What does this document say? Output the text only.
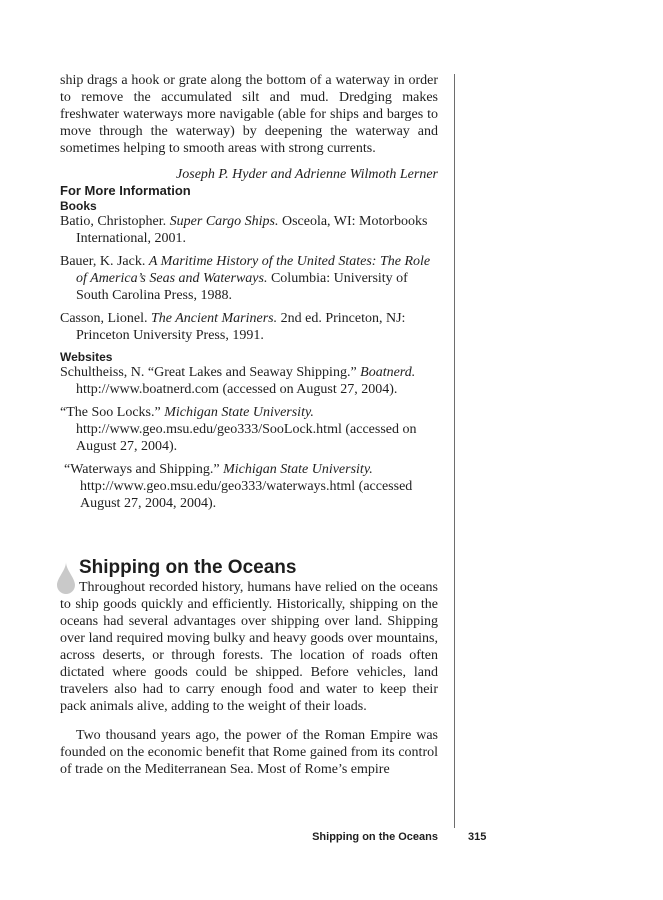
ship drags a hook or grate along the bottom of a waterway in order to remove the accumulated silt and mud. Dredging makes freshwater waterways more navigable (able for ships and barges to move through the waterway) by deepening the waterway and sometimes helping to smooth areas with strong currents.

Joseph P. Hyder and Adrienne Wilmoth Lerner

For More Information

Books

Batio, Christopher. Super Cargo Ships. Osceola, WI: Motorbooks International, 2001.

Bauer, K. Jack. A Maritime History of the United States: The Role of America’s Seas and Waterways. Columbia: University of South Carolina Press, 1988.

Casson, Lionel. The Ancient Mariners. 2nd ed. Princeton, NJ: Princeton University Press, 1991.

Websites

Schultheiss, N. “Great Lakes and Seaway Shipping.” Boatnerd. http://www.boatnerd.com (accessed on August 27, 2004).

“The Soo Locks.” Michigan State University. http://www.geo.msu.edu/geo333/SooLock.html (accessed on August 27, 2004).

“Waterways and Shipping.” Michigan State University. http://www.geo.msu.edu/geo333/waterways.html (accessed August 27, 2004, 2004).

Shipping on the Oceans

Throughout recorded history, humans have relied on the oceans to ship goods quickly and efficiently. Historically, shipping on the oceans had several advantages over shipping over land. Shipping over land required moving bulky and heavy goods over mountains, across deserts, or through forests. The location of roads often dictated where goods could be shipped. Before vehicles, land travelers also had to carry enough food and water to keep their pack animals alive, adding to the weight of their loads.

Two thousand years ago, the power of the Roman Empire was founded on the economic benefit that Rome gained from its control of trade on the Mediterranean Sea. Most of Rome’s empire

Shipping on the Oceans	315
